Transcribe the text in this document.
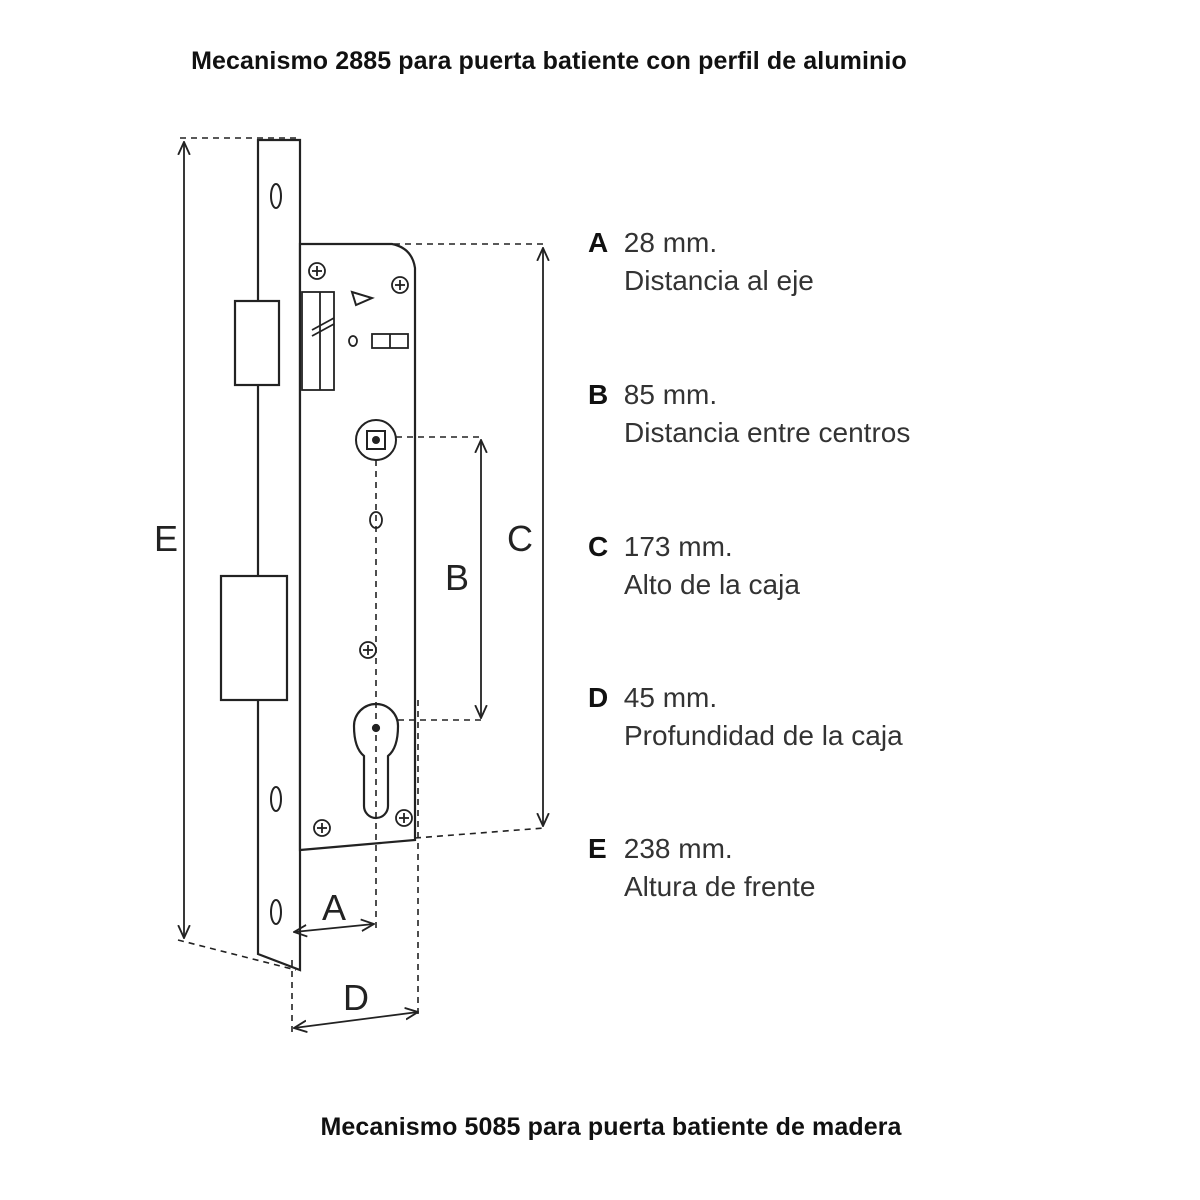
Mecanismo 2885 para puerta batiente con perfil de aluminio
E	C
B
A
D
A 28 mm.
Distancia al eje
B 85 mm.
Distancia entre centros
C 173 mm.
Alto de la caja
D 45 mm.
Profundidad de la caja
E 238 mm.
Altura de frente
Mecanismo 5085 para puerta batiente de madera
